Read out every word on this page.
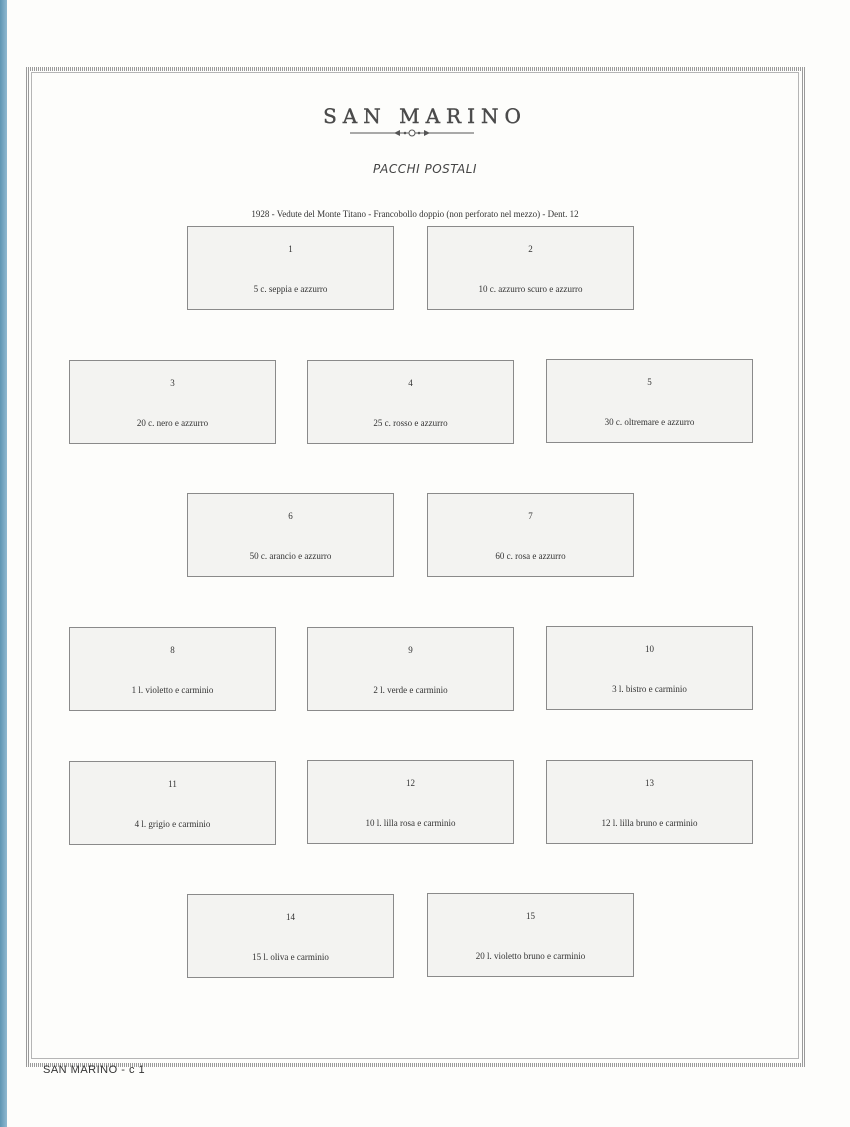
SAN MARINO
PACCHI POSTALI
1928 - Vedute del Monte Titano - Francobollo doppio (non perforato nel mezzo) - Dent. 12
1
5 c. seppia e azzurro
2
10 c. azzurro scuro e azzurro
3
20 c. nero e azzurro
4
25 c. rosso e azzurro
5
30 c. oltremare e azzurro
6
50 c. arancio e azzurro
7
60 c. rosa e azzurro
8
1 l. violetto e carminio
9
2 l. verde e carminio
10
3 l. bistro e carminio
11
4 l. grigio e carminio
12
10 l. lilla rosa e carminio
13
12 l. lilla bruno e carminio
14
15 l. oliva e carminio
15
20 l. violetto bruno e carminio
SAN MARINO - c 1
